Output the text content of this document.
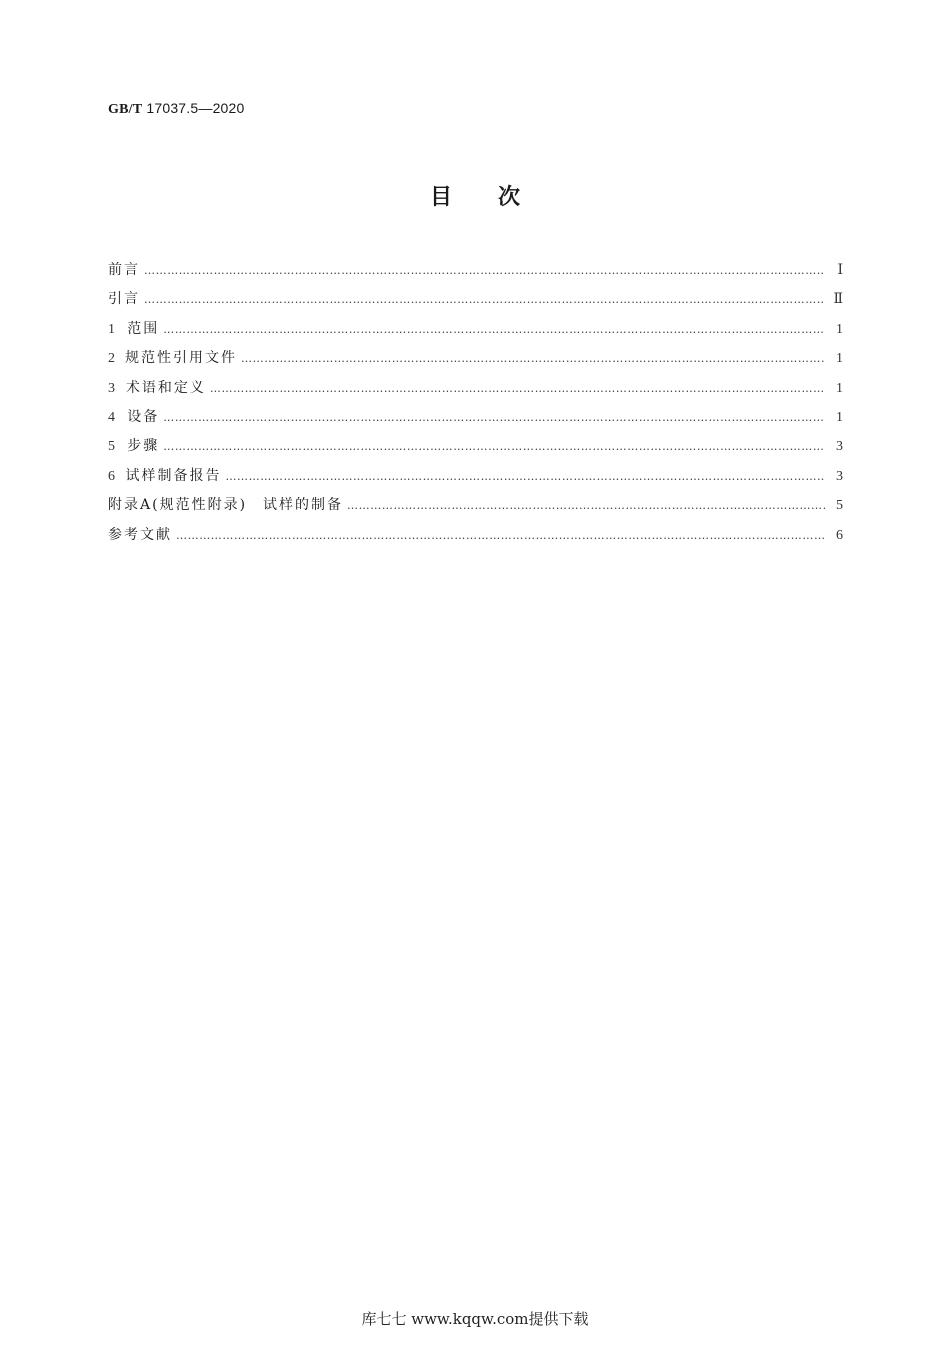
GB/T 17037.5—2020
目次
前言 ……………………………………………………………………………………………………………………………………………………………………………………………………	Ⅰ
引言 ……………………………………………………………………………………………………………………………………………………………………………………………………	Ⅱ
1 范围 ……………………………………………………………………………………………………………………………………………………………………………………………………	1
2 规范性引用文件 ……………………………………………………………………………………………………………………………………………………………………………………………………	1
3 术语和定义 ……………………………………………………………………………………………………………………………………………………………………………………………………	1
4 设备 ……………………………………………………………………………………………………………………………………………………………………………………………………	1
5 步骤 ……………………………………………………………………………………………………………………………………………………………………………………………………	3
6 试样制备报告 ……………………………………………………………………………………………………………………………………………………………………………………………………	3
附录A(规范性附录)　试样的制备 ……………………………………………………………………………………………………………………………………………………………………………………………………	5
参考文献 ……………………………………………………………………………………………………………………………………………………………………………………………………	6
库七七 www.kqqw.com提供下载
